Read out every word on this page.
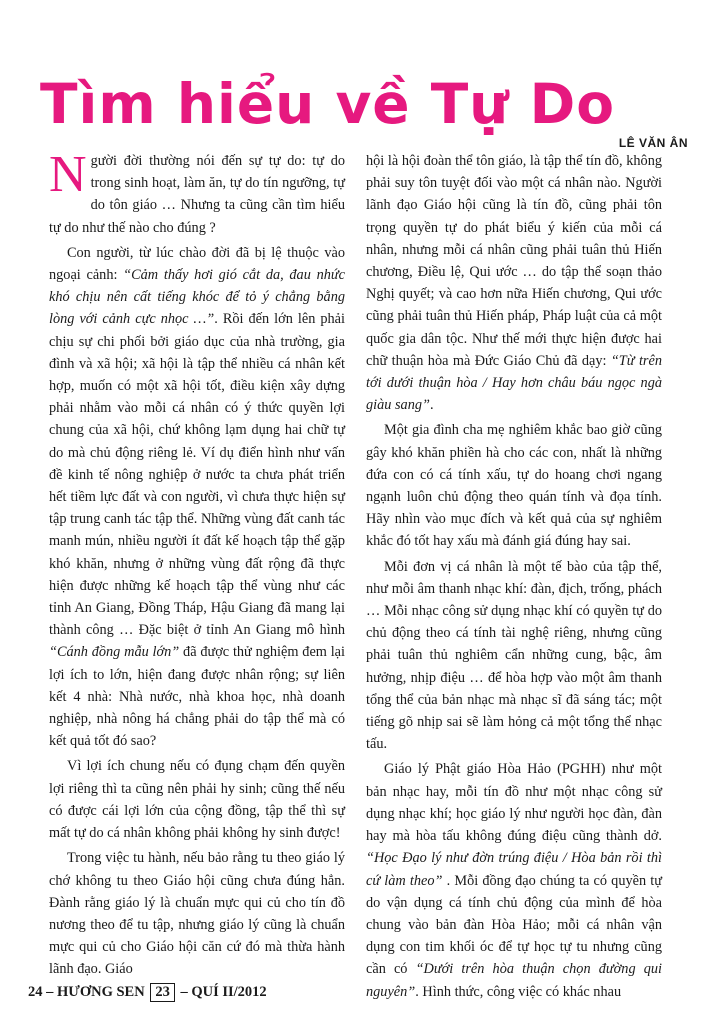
Tìm hiểu về Tự Do
LÊ VĂN ÂN

Người đời thường nói đến sự tự do: tự do trong sinh hoạt, làm ăn, tự do tín ngưỡng, tự do tôn giáo … Nhưng ta cũng cần tìm hiểu tự do như thế nào cho đúng ?

Con người, từ lúc chào đời đã bị lệ thuộc vào ngoại cảnh: “Cảm thấy hơi gió cắt da, đau nhức khó chịu nên cất tiếng khóc để tỏ ý chẳng bằng lòng với cảnh cực nhọc …”. Rồi đến lớn lên phải chịu sự chi phối bởi giáo dục của nhà trường, gia đình và xã hội; xã hội là tập thể nhiều cá nhân kết hợp, muốn có một xã hội tốt, điều kiện xây dựng phải nhằm vào mỗi cá nhân có ý thức quyền lợi chung của xã hội, chứ không lạm dụng hai chữ tự do mà chủ động riêng lẻ. Ví dụ điển hình như vấn đề kinh tế nông nghiệp ở nước ta chưa phát triển hết tiềm lực đất và con người, vì chưa thực hiện sự tập trung canh tác tập thể. Những vùng đất canh tác manh mún, nhiều người ít đất kế hoạch tập thể gặp khó khăn, nhưng ở những vùng đất rộng đã thực hiện được những kế hoạch tập thể vùng như các tỉnh An Giang, Đồng Tháp, Hậu Giang đã mang lại thành công … Đặc biệt ở tỉnh An Giang mô hình “Cánh đồng mẫu lớn” đã được thử nghiệm đem lại lợi ích to lớn, hiện đang được nhân rộng; sự liên kết 4 nhà: Nhà nước, nhà khoa học, nhà doanh nghiệp, nhà nông há chẳng phải do tập thể mà có kết quả tốt đó sao?

Vì lợi ích chung nếu có đụng chạm đến quyền lợi riêng thì ta cũng nên phải hy sinh; cũng thế nếu có được cái lợi lớn của cộng đồng, tập thể thì sự mất tự do cá nhân không phải không hy sinh được!

Trong việc tu hành, nếu bảo rằng tu theo giáo lý chớ không tu theo Giáo hội cũng chưa đúng hẳn. Đành rằng giáo lý là chuẩn mực qui củ cho tín đồ nương theo để tu tập, nhưng giáo lý cũng là chuẩn mực qui củ cho Giáo hội căn cứ đó mà thừa hành lãnh đạo. Giáo

hội là hội đoàn thể tôn giáo, là tập thể tín đồ, không phải suy tôn tuyệt đối vào một cá nhân nào. Người lãnh đạo Giáo hội cũng là tín đồ, cũng phải tôn trọng quyền tự do phát biểu ý kiến của mỗi cá nhân, nhưng mỗi cá nhân cũng phải tuân thủ Hiến chương, Điều lệ, Qui ước … do tập thể soạn thảo Nghị quyết; và cao hơn nữa Hiến chương, Qui ước cũng phải tuân thủ Hiến pháp, Pháp luật của cả một quốc gia dân tộc. Như thế mới thực hiện được hai chữ thuận hòa mà Đức Giáo Chủ đã dạy: “Từ trên tới dưới thuận hòa / Hay hơn châu báu ngọc ngà giàu sang”.

Một gia đình cha mẹ nghiêm khắc bao giờ cũng gây khó khăn phiền hà cho các con, nhất là những đứa con có cá tính xấu, tự do hoang chơi ngang ngạnh luôn chủ động theo quán tính và đọa tính. Hãy nhìn vào mục đích và kết quả của sự nghiêm khắc đó tốt hay xấu mà đánh giá đúng hay sai.

Mỗi đơn vị cá nhân là một tế bào của tập thể, như mỗi âm thanh nhạc khí: đàn, địch, trống, phách … Mỗi nhạc công sử dụng nhạc khí có quyền tự do chủ động theo cá tính tài nghệ riêng, nhưng cũng phải tuân thủ nghiêm cẩn những cung, bậc, âm hưởng, nhịp điệu … để hòa hợp vào một âm thanh tổng thể của bản nhạc mà nhạc sĩ đã sáng tác; một tiếng gõ nhịp sai sẽ làm hỏng cả một tổng thể nhạc tấu.

Giáo lý Phật giáo Hòa Hảo (PGHH) như một bản nhạc hay, mỗi tín đồ như một nhạc công sử dụng nhạc khí; học giáo lý như người học đàn, đàn hay mà hòa tấu không đúng điệu cũng thành dở. “Học Đạo lý như đờn trúng điệu / Hòa bản rồi thì cứ làm theo” . Mỗi đồng đạo chúng ta có quyền tự do vận dụng cá tính chủ động của mình để hòa chung vào bản đàn Hòa Hảo; mỗi cá nhân vận dụng con tim khối óc để tự học tự tu nhưng cũng cần có “Dưới trên hòa thuận chọn đường qui nguyên”. Hình thức, công việc có khác nhau

24 – HƯƠNG SEN 23 – QUÍ II/2012
